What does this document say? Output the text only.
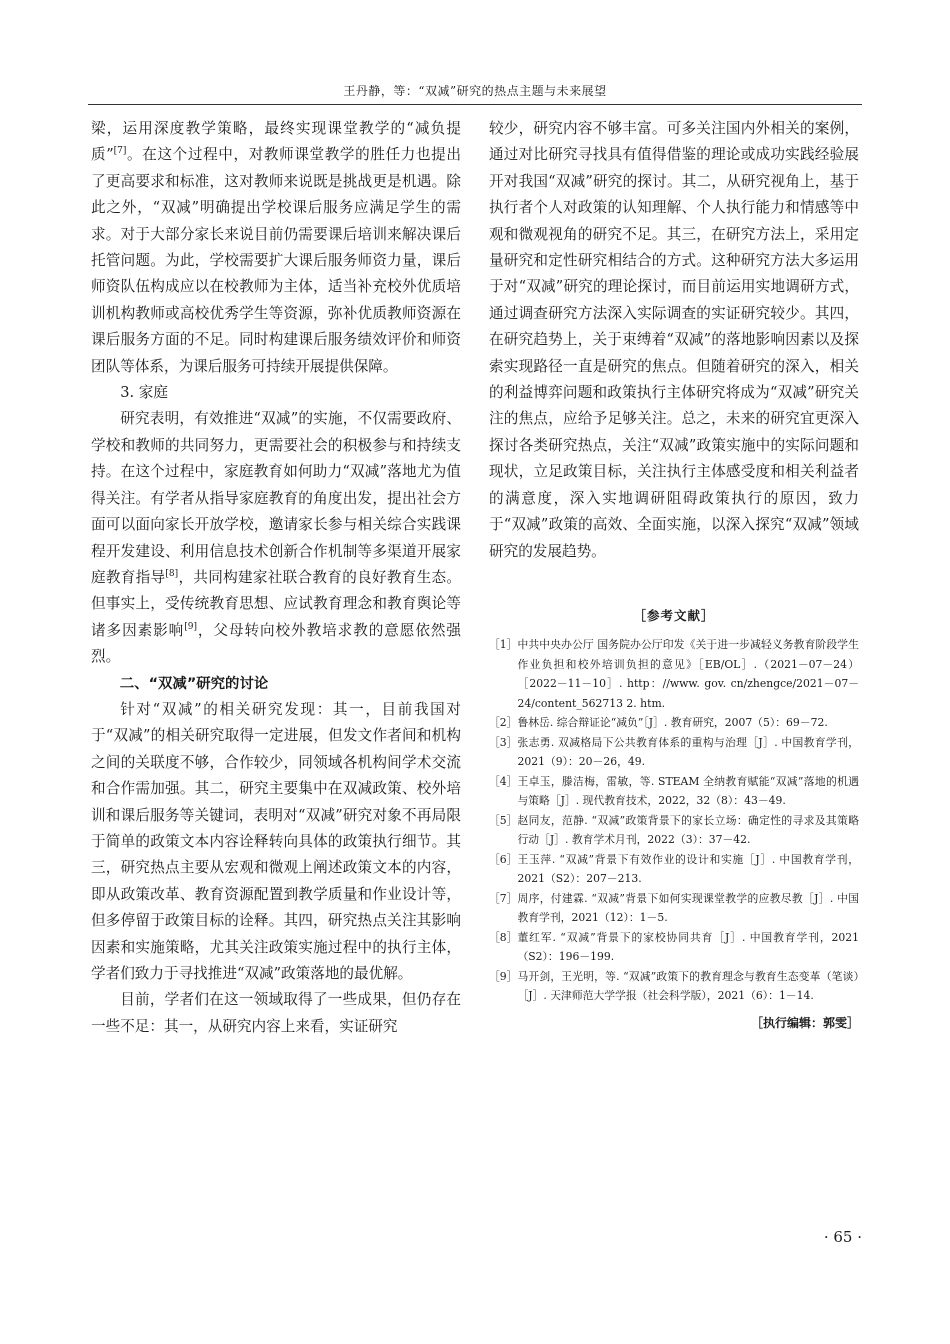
王丹静，等：“双减”研究的热点主题与未来展望

梁，运用深度教学策略，最终实现课堂教学的“减负提质”[7]。在这个过程中，对教师课堂教学的胜任力也提出了更高要求和标准，这对教师来说既是挑战更是机遇。除此之外，“双减”明确提出学校课后服务应满足学生的需求。对于大部分家长来说目前仍需要课后培训来解决课后托管问题。为此，学校需要扩大课后服务师资力量，课后师资队伍构成应以在校教师为主体，适当补充校外优质培训机构教师或高校优秀学生等资源，弥补优质教师资源在课后服务方面的不足。同时构建课后服务绩效评价和师资团队等体系，为课后服务可持续开展提供保障。

3. 家庭

研究表明，有效推进“双减”的实施，不仅需要政府、学校和教师的共同努力，更需要社会的积极参与和持续支持。在这个过程中，家庭教育如何助力“双减”落地尤为值得关注。有学者从指导家庭教育的角度出发，提出社会方面可以面向家长开放学校，邀请家长参与相关综合实践课程开发建设、利用信息技术创新合作机制等多渠道开展家庭教育指导[8]，共同构建家社联合教育的良好教育生态。但事实上，受传统教育思想、应试教育理念和教育舆论等诸多因素影响[9]，父母转向校外教培求教的意愿依然强烈。

二、“双减”研究的讨论

针对“双减”的相关研究发现：其一，目前我国对于“双减”的相关研究取得一定进展，但发文作者间和机构之间的关联度不够，合作较少，同领域各机构间学术交流和合作需加强。其二，研究主要集中在双减政策、校外培训和课后服务等关键词，表明对“双减”研究对象不再局限于简单的政策文本内容诠释转向具体的政策执行细节。其三，研究热点主要从宏观和微观上阐述政策文本的内容，即从政策改革、教育资源配置到教学质量和作业设计等，但多停留于政策目标的诠释。其四，研究热点关注其影响因素和实施策略，尤其关注政策实施过程中的执行主体，学者们致力于寻找推进“双减”政策落地的最优解。

目前，学者们在这一领域取得了一些成果，但仍存在一些不足：其一，从研究内容上来看，实证研究

较少，研究内容不够丰富。可多关注国内外相关的案例，通过对比研究寻找具有值得借鉴的理论或成功实践经验展开对我国“双减”研究的探讨。其二，从研究视角上，基于执行者个人对政策的认知理解、个人执行能力和情感等中观和微观视角的研究不足。其三，在研究方法上，采用定量研究和定性研究相结合的方式。这种研究方法大多运用于对“双减”研究的理论探讨，而目前运用实地调研方式，通过调查研究方法深入实际调查的实证研究较少。其四，在研究趋势上，关于束缚着“双减”的落地影响因素以及探索实现路径一直是研究的焦点。但随着研究的深入，相关的利益博弈问题和政策执行主体研究将成为“双减”研究关注的焦点，应给予足够关注。总之，未来的研究宜更深入探讨各类研究热点，关注“双减”政策实施中的实际问题和现状，立足政策目标，关注执行主体感受度和相关利益者的满意度，深入实地调研阻碍政策执行的原因，致力于“双减”政策的高效、全面实施，以深入探究“双减”领域研究的发展趋势。

［参考文献］
［1］ 中共中央办公厅 国务院办公厅印发《关于进一步减轻义务教育阶段学生作业负担和校外培训负担的意见》［EB/OL］.（2021－07－24）［2022－11－10］. http：//www. gov. cn/zhengce/2021－07－24/content_562713 2. htm.
［2］ 鲁林岳. 综合辩证论“减负”［J］. 教育研究，2007（5）：69－72.
［3］ 张志勇. 双减格局下公共教育体系的重构与治理［J］. 中国教育学刊，2021（9）：20－26，49.
［4］ 王卓玉，滕洁梅，雷敏，等. STEAM 全纳教育赋能“双减”落地的机遇与策略［J］. 现代教育技术，2022，32（8）：43－49.
［5］ 赵同友，范静. “双减”政策背景下的家长立场：确定性的寻求及其策略行动［J］. 教育学术月刊，2022（3）：37－42.
［6］ 王玉萍. “双减”背景下有效作业的设计和实施［J］. 中国教育学刊，2021（S2）：207－213.
［7］ 周序，付建霖. “双减”背景下如何实现课堂教学的应教尽教［J］. 中国教育学刊，2021（12）：1－5.
［8］ 董红军. “双减”背景下的家校协同共育［J］. 中国教育学刊，2021（S2）：196－199.
［9］ 马开剑，王光明，等. “双减”政策下的教育理念与教育生态变革（笔谈）［J］. 天津师范大学学报（社会科学版），2021（6）：1－14.
［执行编辑：郭雯］
· 65 ·
